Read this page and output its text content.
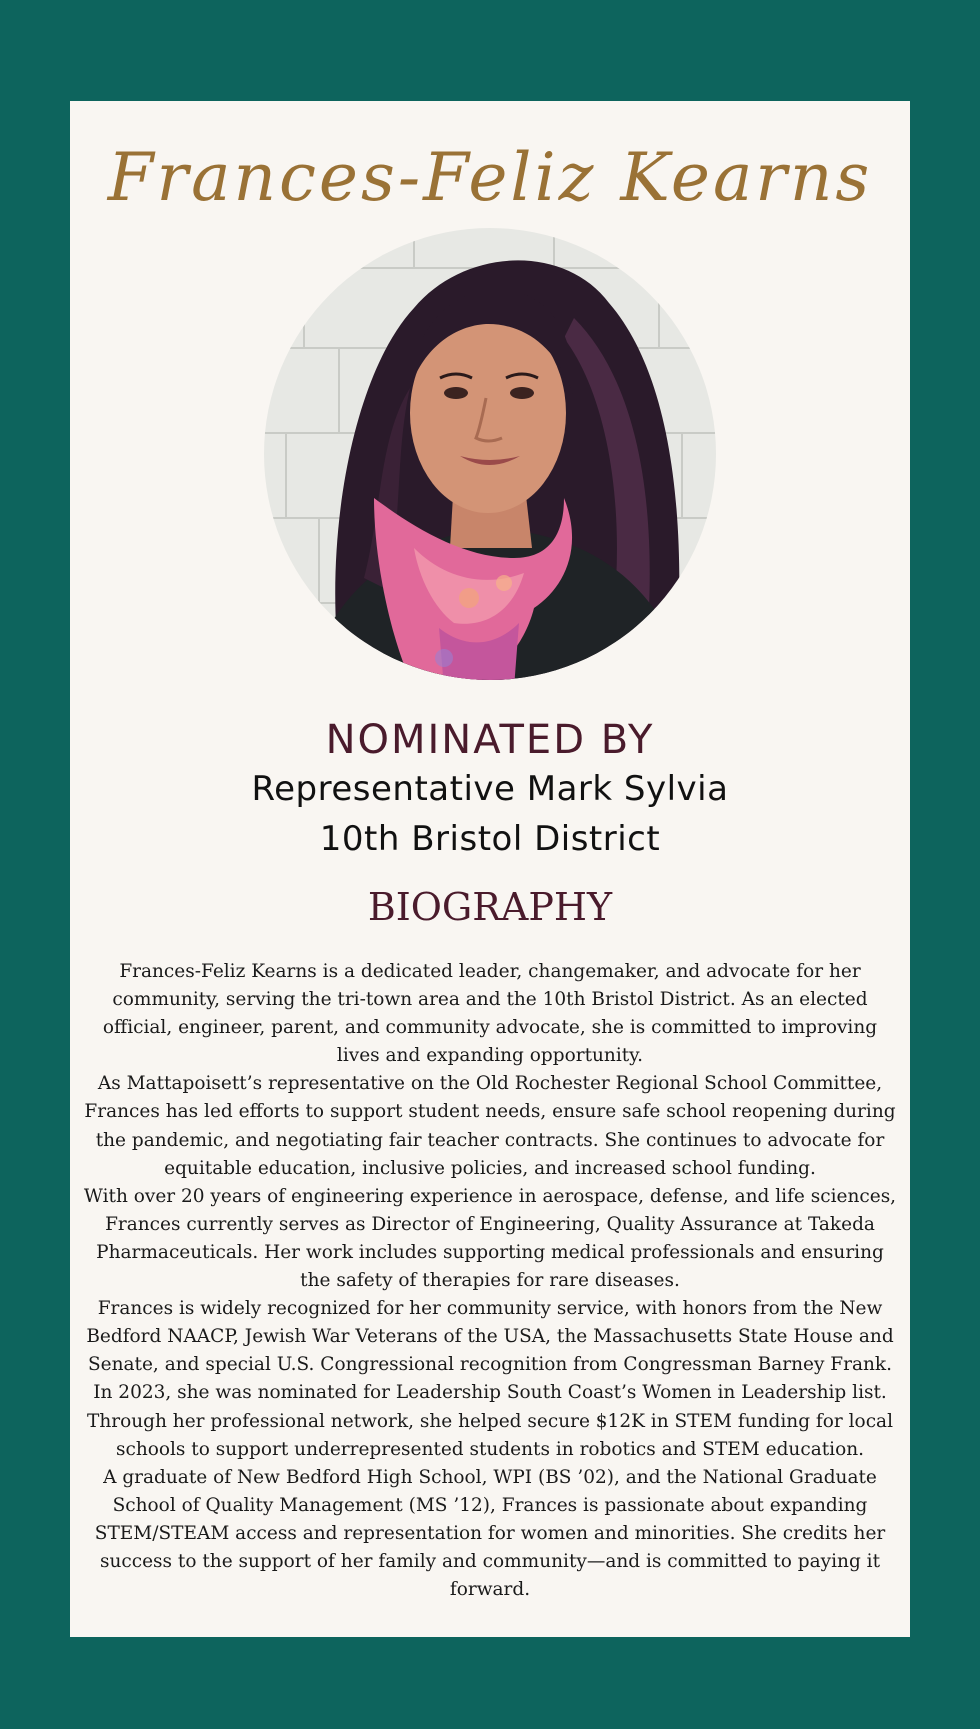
Frances-Feliz Kearns
NOMINATED BY
Representative Mark Sylvia
10th Bristol District
BIOGRAPHY

Frances-Feliz Kearns is a dedicated leader, changemaker, and advocate for her community, serving the tri-town area and the 10th Bristol District. As an elected official, engineer, parent, and community advocate, she is committed to improving lives and expanding opportunity.

As Mattapoisett’s representative on the Old Rochester Regional School Committee, Frances has led efforts to support student needs, ensure safe school reopening during the pandemic, and negotiating fair teacher contracts. She continues to advocate for equitable education, inclusive policies, and increased school funding.

With over 20 years of engineering experience in aerospace, defense, and life sciences, Frances currently serves as Director of Engineering, Quality Assurance at Takeda Pharmaceuticals. Her work includes supporting medical professionals and ensuring the safety of therapies for rare diseases.

Frances is widely recognized for her community service, with honors from the New Bedford NAACP, Jewish War Veterans of the USA, the Massachusetts State House and Senate, and special U.S. Congressional recognition from Congressman Barney Frank. In 2023, she was nominated for Leadership South Coast’s Women in Leadership list.

Through her professional network, she helped secure $12K in STEM funding for local schools to support underrepresented students in robotics and STEM education.

A graduate of New Bedford High School, WPI (BS ’02), and the National Graduate School of Quality Management (MS ’12), Frances is passionate about expanding STEM/STEAM access and representation for women and minorities. She credits her success to the support of her family and community—and is committed to paying it forward.
